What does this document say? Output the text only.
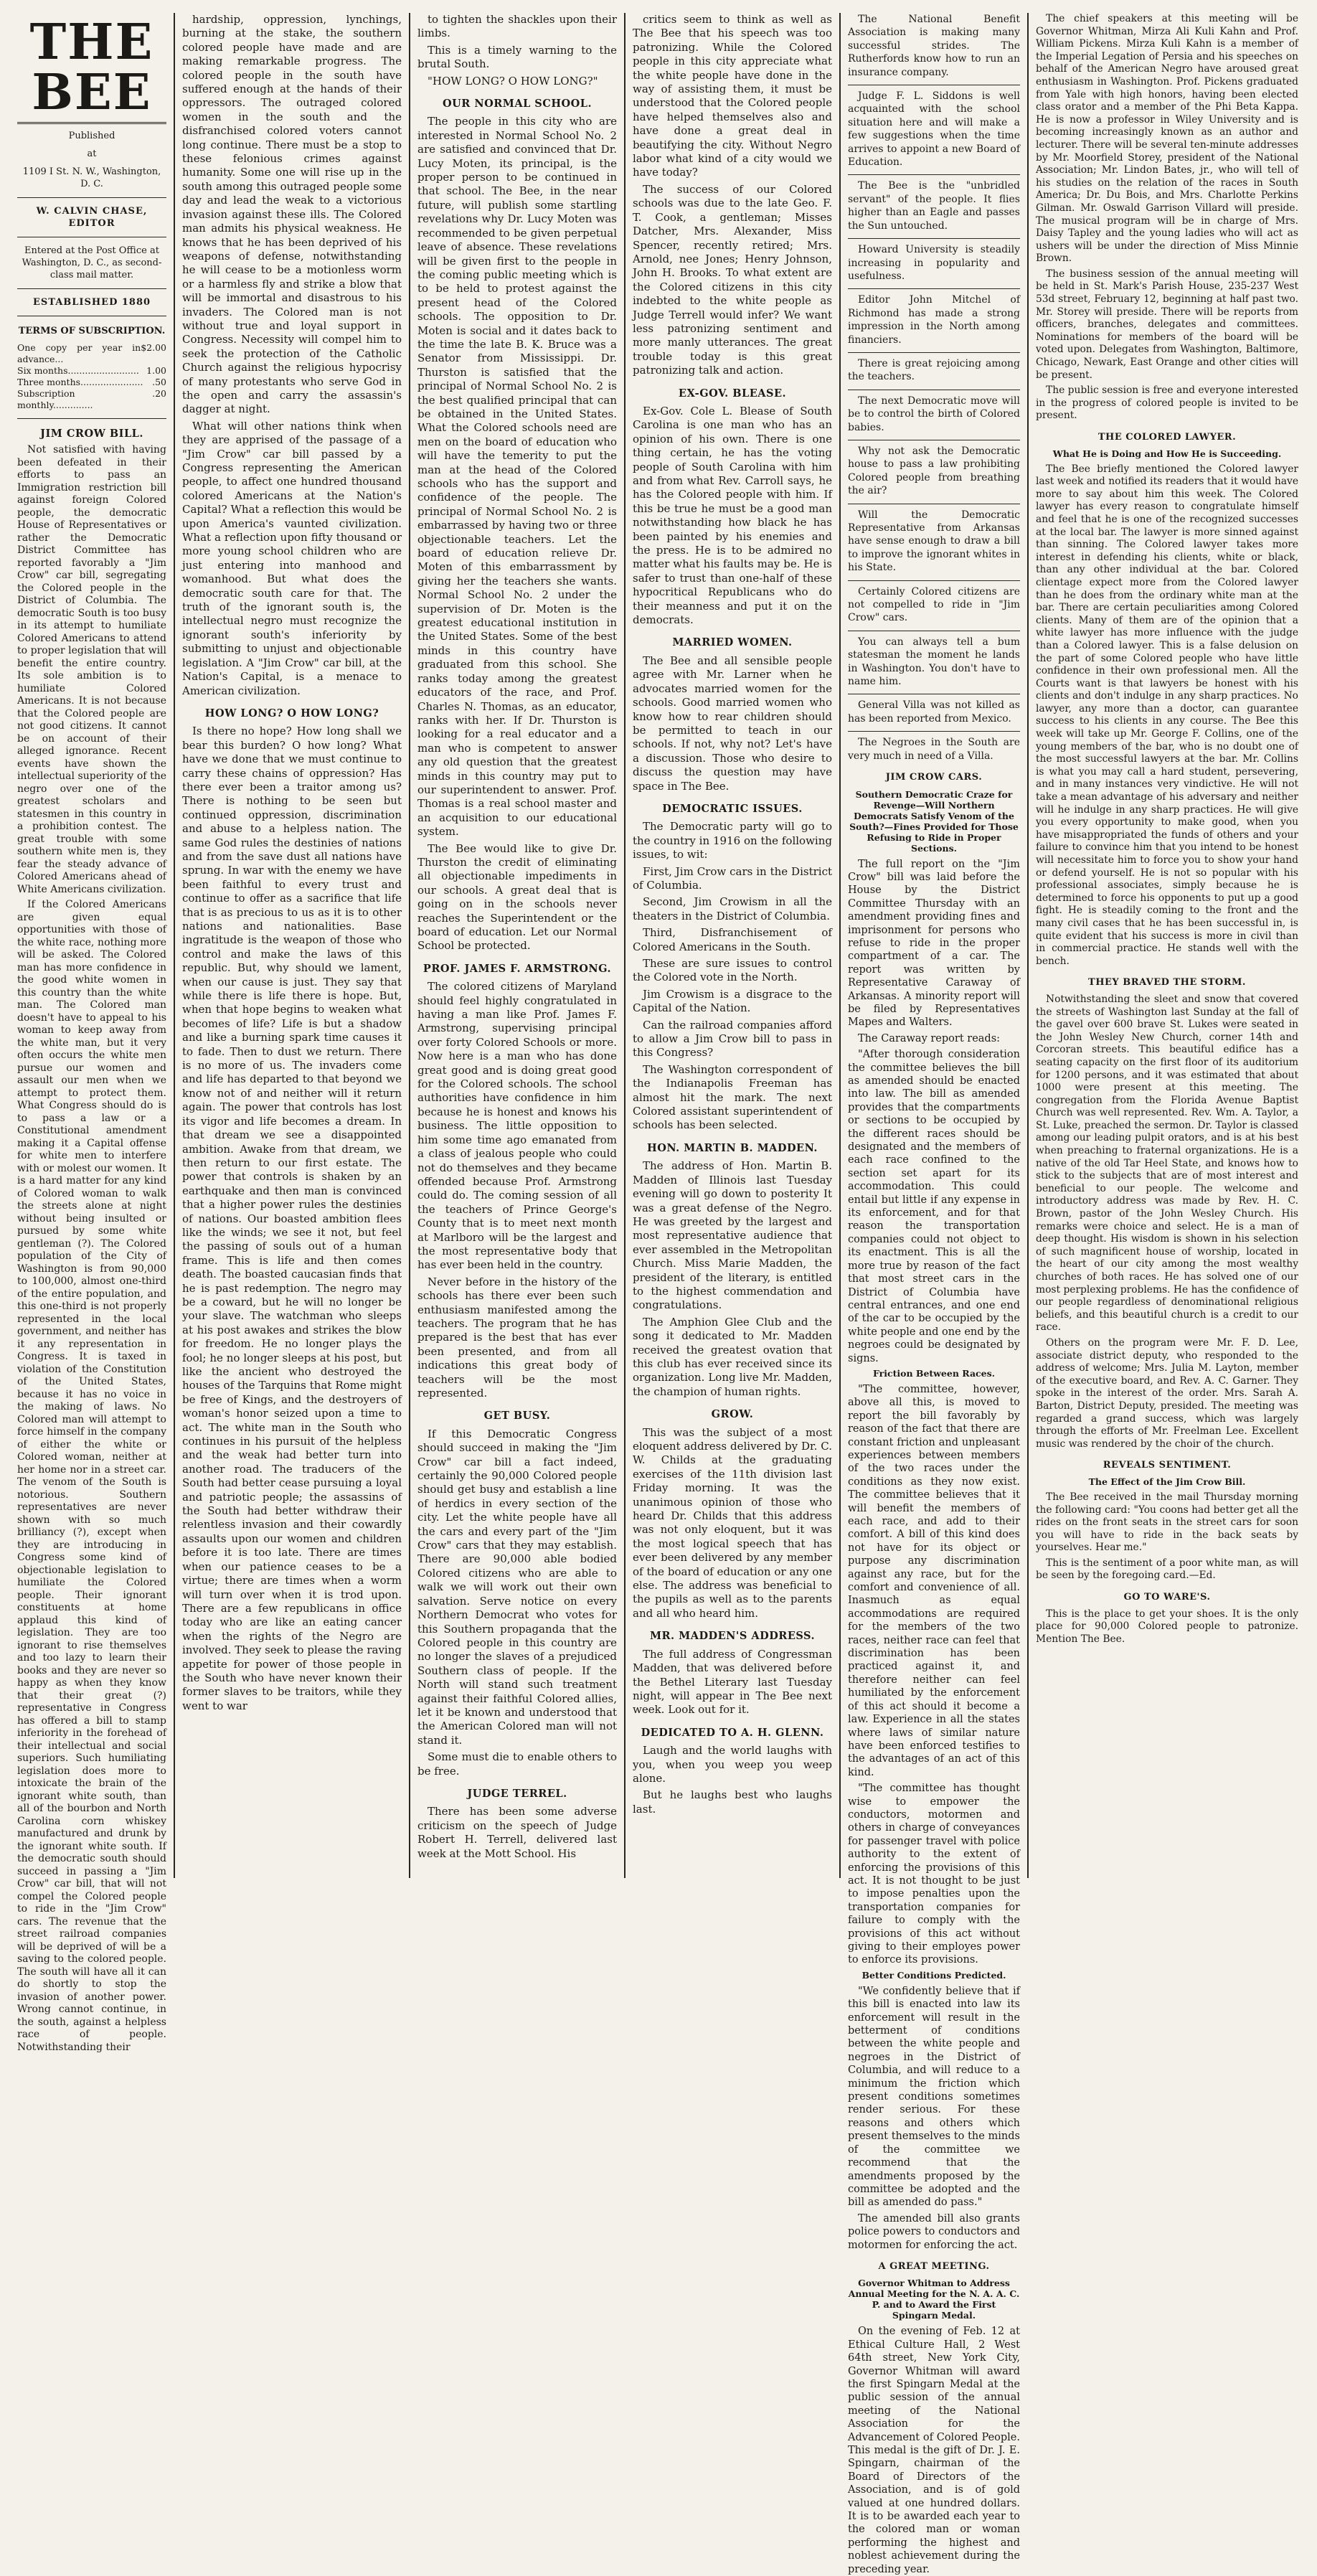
THE BEE
Published
at
1109 I St. N. W., Washington, D. C.
W. CALVIN CHASE, EDITOR
Entered at the Post Office at Washington, D. C., as second-class mail matter.
ESTABLISHED 1880
TERMS OF SUBSCRIPTION.
One copy per year in advance...
$2.00
Six months......................... 1.00
Three months...................... .50
Subscription monthly..............
.20
JIM CROW BILL.

Not satisfied with having been defeated in their efforts to pass an Immigration restriction bill against foreign Colored people, the democratic House of Representatives or rather the Democratic District Committee has reported favorably a "Jim Crow" car bill, segregating the Colored people in the District of Columbia. The democratic South is too busy in its attempt to humiliate Colored Americans to attend to proper legislation that will benefit the entire country. Its sole ambition is to humiliate Colored Americans. It is not because that the Colored people are not good citizens. It cannot be on account of their alleged ignorance. Recent events have shown the intellectual superiority of the negro over one of the greatest scholars and statesmen in this country in a prohibition contest. The great trouble with some southern white men is, they fear the steady advance of Colored Americans ahead of White Americans civilization.

If the Colored Americans are given equal opportunities with those of the white race, nothing more will be asked. The Colored man has more confidence in the good white women in this country than the white man. The Colored man doesn't have to appeal to his woman to keep away from the white man, but it very often occurs the white men pursue our women and assault our men when we attempt to protect them. What Congress should do is to pass a law or a Constitutional amendment making it a Capital offense for white men to interfere with or molest our women. It is a hard matter for any kind of Colored woman to walk the streets alone at night without being insulted or pursued by some white gentleman (?). The Colored population of the City of Washington is from 90,000 to 100,000, almost one-third of the entire population, and this one-third is not properly represented in the local government, and neither has it any representation in Congress. It is taxed in violation of the Constitution of the United States, because it has no voice in the making of laws. No Colored man will attempt to force himself in the company of either the white or Colored woman, neither at her home nor in a street car. The venom of the South is notorious. Southern representatives are never shown with so much brilliancy (?), except when they are introducing in Congress some kind of objectionable legislation to humiliate the Colored people. Their ignorant constituents at home applaud this kind of legislation. They are too ignorant to rise themselves and too lazy to learn their books and they are never so happy as when they know that their great (?) representative in Congress has offered a bill to stamp inferiority in the forehead of their intellectual and social superiors. Such humiliating legislation does more to intoxicate the brain of the ignorant white south, than all of the bourbon and North Carolina corn whiskey manufactured and drunk by the ignorant white south. If the democratic south should succeed in passing a "Jim Crow" car bill, that will not compel the Colored people to ride in the "Jim Crow" cars. The revenue that the street railroad companies will be deprived of will be a saving to the colored people. The south will have all it can do shortly to stop the invasion of another power. Wrong cannot continue, in the south, against a helpless race of people. Notwithstanding their

hardship, oppression, lynchings, burning at the stake, the southern colored people have made and are making remarkable progress. The colored people in the south have suffered enough at the hands of their oppressors. The outraged colored women in the south and the disfranchised colored voters cannot long continue. There must be a stop to these felonious crimes against humanity. Some one will rise up in the south among this outraged people some day and lead the weak to a victorious invasion against these ills. The Colored man admits his physical weakness. He knows that he has been deprived of his weapons of defense, notwithstanding he will cease to be a motionless worm or a harmless fly and strike a blow that will be immortal and disastrous to his invaders. The Colored man is not without true and loyal support in Congress. Necessity will compel him to seek the protection of the Catholic Church against the religious hypocrisy of many protestants who serve God in the open and carry the assassin's dagger at night.

What will other nations think when they are apprised of the passage of a "Jim Crow" car bill passed by a Congress representing the American people, to affect one hundred thousand colored Americans at the Nation's Capital? What a reflection this would be upon America's vaunted civilization. What a reflection upon fifty thousand or more young school children who are just entering into manhood and womanhood. But what does the democratic south care for that. The truth of the ignorant south is, the intellectual negro must recognize the ignorant south's inferiority by submitting to unjust and objectionable legislation. A "Jim Crow" car bill, at the Nation's Capital, is a menace to American civilization.

HOW LONG? O HOW LONG?

Is there no hope? How long shall we bear this burden? O how long? What have we done that we must continue to carry these chains of oppression? Has there ever been a traitor among us? There is nothing to be seen but continued oppression, discrimination and abuse to a helpless nation. The same God rules the destinies of nations and from the save dust all nations have sprung. In war with the enemy we have been faithful to every trust and continue to offer as a sacrifice that life that is as precious to us as it is to other nations and nationalities. Base ingratitude is the weapon of those who control and make the laws of this republic. But, why should we lament, when our cause is just. They say that while there is life there is hope. But, when that hope begins to weaken what becomes of life? Life is but a shadow and like a burning spark time causes it to fade. Then to dust we return. There is no more of us. The invaders come and life has departed to that beyond we know not of and neither will it return again. The power that controls has lost its vigor and life becomes a dream. In that dream we see a disappointed ambition. Awake from that dream, we then return to our first estate. The power that controls is shaken by an earthquake and then man is convinced that a higher power rules the destinies of nations. Our boasted ambition flees like the winds; we see it not, but feel the passing of souls out of a human frame. This is life and then comes death. The boasted caucasian finds that he is past redemption. The negro may be a coward, but he will no longer be your slave. The watchman who sleeps at his post awakes and strikes the blow for freedom. He no longer plays the fool; he no longer sleeps at his post, but like the ancient who destroyed the houses of the Tarquins that Rome might be free of Kings, and the destroyers of woman's honor seized upon a time to act. The white man in the South who continues in his pursuit of the helpless and the weak had better turn into another road. The traducers of the South had better cease pursuing a loyal and patriotic people; the assassins of the South had better withdraw their relentless invasion and their cowardly assaults upon our women and children before it is too late. There are times when our patience ceases to be a virtue; there are times when a worm will turn over when it is trod upon. There are a few republicans in office today who are like an eating cancer when the rights of the Negro are involved. They seek to please the raving appetite for power of those people in the South who have never known their former slaves to be traitors, while they went to war

to tighten the shackles upon their limbs.

This is a timely warning to the brutal South.

"HOW LONG? O HOW LONG?"

OUR NORMAL SCHOOL.

The people in this city who are interested in Normal School No. 2 are satisfied and convinced that Dr. Lucy Moten, its principal, is the proper person to be continued in that school. The Bee, in the near future, will publish some startling revelations why Dr. Lucy Moten was recommended to be given perpetual leave of absence. These revelations will be given first to the people in the coming public meeting which is to be held to protest against the present head of the Colored schools. The opposition to Dr. Moten is social and it dates back to the time the late B. K. Bruce was a Senator from Mississippi. Dr. Thurston is satisfied that the principal of Normal School No. 2 is the best qualified principal that can be obtained in the United States. What the Colored schools need are men on the board of education who will have the temerity to put the man at the head of the Colored schools who has the support and confidence of the people. The principal of Normal School No. 2 is embarrassed by having two or three objectionable teachers. Let the board of education relieve Dr. Moten of this embarrassment by giving her the teachers she wants. Normal School No. 2 under the supervision of Dr. Moten is the greatest educational institution in the United States. Some of the best minds in this country have graduated from this school. She ranks today among the greatest educators of the race, and Prof. Charles N. Thomas, as an educator, ranks with her. If Dr. Thurston is looking for a real educator and a man who is competent to answer any old question that the greatest minds in this country may put to our superintendent to answer. Prof. Thomas is a real school master and an acquisition to our educational system.

The Bee would like to give Dr. Thurston the credit of eliminating all objectionable impediments in our schools. A great deal that is going on in the schools never reaches the Superintendent or the board of education. Let our Normal School be protected.

PROF. JAMES F. ARMSTRONG.

The colored citizens of Maryland should feel highly congratulated in having a man like Prof. James F. Armstrong, supervising principal over forty Colored Schools or more. Now here is a man who has done great good and is doing great good for the Colored schools. The school authorities have confidence in him because he is honest and knows his business. The little opposition to him some time ago emanated from a class of jealous people who could not do themselves and they became offended because Prof. Armstrong could do. The coming session of all the teachers of Prince George's County that is to meet next month at Marlboro will be the largest and the most representative body that has ever been held in the country.

Never before in the history of the schools has there ever been such enthusiasm manifested among the teachers. The program that he has prepared is the best that has ever been presented, and from all indications this great body of teachers will be the most represented.

GET BUSY.

If this Democratic Congress should succeed in making the "Jim Crow" car bill a fact indeed, certainly the 90,000 Colored people should get busy and establish a line of herdics in every section of the city. Let the white people have all the cars and every part of the "Jim Crow" cars that they may establish. There are 90,000 able bodied Colored citizens who are able to walk we will work out their own salvation. Serve notice on every Northern Democrat who votes for this Southern propaganda that the Colored people in this country are no longer the slaves of a prejudiced Southern class of people. If the North will stand such treatment against their faithful Colored allies, let it be known and understood that the American Colored man will not stand it.

Some must die to enable others to be free.

JUDGE TERREL.

There has been some adverse criticism on the speech of Judge Robert H. Terrell, delivered last week at the Mott School. His

critics seem to think as well as The Bee that his speech was too patronizing. While the Colored people in this city appreciate what the white people have done in the way of assisting them, it must be understood that the Colored people have helped themselves also and have done a great deal in beautifying the city. Without Negro labor what kind of a city would we have today?

The success of our Colored schools was due to the late Geo. F. T. Cook, a gentleman; Misses Datcher, Mrs. Alexander, Miss Spencer, recently retired; Mrs. Arnold, nee Jones; Henry Johnson, John H. Brooks. To what extent are the Colored citizens in this city indebted to the white people as Judge Terrell would infer? We want less patronizing sentiment and more manly utterances. The great trouble today is this great patronizing talk and action.

EX-GOV. BLEASE.

Ex-Gov. Cole L. Blease of South Carolina is one man who has an opinion of his own. There is one thing certain, he has the voting people of South Carolina with him and from what Rev. Carroll says, he has the Colored people with him. If this be true he must be a good man notwithstanding how black he has been painted by his enemies and the press. He is to be admired no matter what his faults may be. He is safer to trust than one-half of these hypocritical Republicans who do their meanness and put it on the democrats.

MARRIED WOMEN.

The Bee and all sensible people agree with Mr. Larner when he advocates married women for the schools. Good married women who know how to rear children should be permitted to teach in our schools. If not, why not? Let's have a discussion. Those who desire to discuss the question may have space in The Bee.

DEMOCRATIC ISSUES.

The Democratic party will go to the country in 1916 on the following issues, to wit:

First, Jim Crow cars in the District of Columbia.

Second, Jim Crowism in all the theaters in the District of Columbia.

Third, Disfranchisement of Colored Americans in the South.

These are sure issues to control the Colored vote in the North.

Jim Crowism is a disgrace to the Capital of the Nation.

Can the railroad companies afford to allow a Jim Crow bill to pass in this Congress?

The Washington correspondent of the Indianapolis Freeman has almost hit the mark. The next Colored assistant superintendent of schools has been selected.

HON. MARTIN B. MADDEN.

The address of Hon. Martin B. Madden of Illinois last Tuesday evening will go down to posterity It was a great defense of the Negro. He was greeted by the largest and most representative audience that ever assembled in the Metropolitan Church. Miss Marie Madden, the president of the literary, is entitled to the highest commendation and congratulations.

The Amphion Glee Club and the song it dedicated to Mr. Madden received the greatest ovation that this club has ever received since its organization. Long live Mr. Madden, the champion of human rights.

GROW.

This was the subject of a most eloquent address delivered by Dr. C. W. Childs at the graduating exercises of the 11th division last Friday morning. It was the unanimous opinion of those who heard Dr. Childs that this address was not only eloquent, but it was the most logical speech that has ever been delivered by any member of the board of education or any one else. The address was beneficial to the pupils as well as to the parents and all who heard him.

MR. MADDEN'S ADDRESS.

The full address of Congressman Madden, that was delivered before the Bethel Literary last Tuesday night, will appear in The Bee next week. Look out for it.

DEDICATED TO A. H. GLENN.

Laugh and the world laughs with you, when you weep you weep alone.

But he laughs best who laughs last.

The National Benefit Association is making many successful strides. The Rutherfords know how to run an insurance company.

Judge F. L. Siddons is well acquainted with the school situation here and will make a few suggestions when the time arrives to appoint a new Board of Education.

The Bee is the "unbridled servant" of the people. It flies higher than an Eagle and passes the Sun untouched.

Howard University is steadily increasing in popularity and usefulness.

Editor John Mitchel of Richmond has made a strong impression in the North among financiers.

There is great rejoicing among the teachers.

The next Democratic move will be to control the birth of Colored babies.

Why not ask the Democratic house to pass a law prohibiting Colored people from breathing the air?

Will the Democratic Representative from Arkansas have sense enough to draw a bill to improve the ignorant whites in his State.

Certainly Colored citizens are not compelled to ride in "Jim Crow" cars.

You can always tell a bum statesman the moment he lands in Washington. You don't have to name him.

General Villa was not killed as has been reported from Mexico.

The Negroes in the South are very much in need of a Villa.

JIM CROW CARS.
Southern Democratic Craze for Revenge—Will Northern Democrats Satisfy Venom of the South?—Fines Provided for Those Refusing to Ride in Proper Sections.

The full report on the "Jim Crow" bill was laid before the House by the District Committee Thursday with an amendment providing fines and imprisonment for persons who refuse to ride in the proper compartment of a car. The report was written by Representative Caraway of Arkansas. A minority report will be filed by Representatives Mapes and Walters.

The Caraway report reads:

"After thorough consideration the committee believes the bill as amended should be enacted into law. The bill as amended provides that the compartments or sections to be occupied by the different races should be designated and the members of each race confined to the section set apart for its accommodation. This could entail but little if any expense in its enforcement, and for that reason the transportation companies could not object to its enactment. This is all the more true by reason of the fact that most street cars in the District of Columbia have central entrances, and one end of the car to be occupied by the white people and one end by the negroes could be designated by signs.

Friction Between Races.

"The committee, however, above all this, is moved to report the bill favorably by reason of the fact that there are constant friction and unpleasant experiences between members of the two races under the conditions as they now exist. The committee believes that it will benefit the members of each race, and add to their comfort. A bill of this kind does not have for its object or purpose any discrimination against any race, but for the comfort and convenience of all. Inasmuch as equal accommodations are required for the members of the two races, neither race can feel that discrimination has been practiced against it, and therefore neither can feel humiliated by the enforcement of this act should it become a law. Experience in all the states where laws of similar nature have been enforced testifies to the advantages of an act of this kind.

"The committee has thought wise to empower the conductors, motormen and others in charge of conveyances for passenger travel with police authority to the extent of enforcing the provisions of this act. It is not thought to be just to impose penalties upon the transportation companies for failure to comply with the provisions of this act without giving to their employes power to enforce its provisions.

Better Conditions Predicted.

"We confidently believe that if this bill is enacted into law its enforcement will result in the betterment of conditions between the white people and negroes in the District of Columbia, and will reduce to a minimum the friction which present conditions sometimes render serious. For these reasons and others which present themselves to the minds of the committee we recommend that the amendments proposed by the committee be adopted and the bill as amended do pass."

The amended bill also grants police powers to conductors and motormen for enforcing the act.

A GREAT MEETING.
Governor Whitman to Address Annual Meeting for the N. A. A. C. P. and to Award the First Spingarn Medal.

On the evening of Feb. 12 at Ethical Culture Hall, 2 West 64th street, New York City, Governor Whitman will award the first Spingarn Medal at the public session of the annual meeting of the National Association for the Advancement of Colored People. This medal is the gift of Dr. J. E. Spingarn, chairman of the Board of Directors of the Association, and is of gold valued at one hundred dollars. It is to be awarded each year to the colored man or woman performing the highest and noblest achievement during the preceding year.

The chief speakers at this meeting will be Governor Whitman, Mirza Ali Kuli Kahn and Prof. William Pickens. Mirza Kuli Kahn is a member of the Imperial Legation of Persia and his speeches on behalf of the American Negro have aroused great enthusiasm in Washington. Prof. Pickens graduated from Yale with high honors, having been elected class orator and a member of the Phi Beta Kappa. He is now a professor in Wiley University and is becoming increasingly known as an author and lecturer. There will be several ten-minute addresses by Mr. Moorfield Storey, president of the National Association; Mr. Lindon Bates, jr., who will tell of his studies on the relation of the races in South America; Dr. Du Bois, and Mrs. Charlotte Perkins Gilman. Mr. Oswald Garrison Villard will preside. The musical program will be in charge of Mrs. Daisy Tapley and the young ladies who will act as ushers will be under the direction of Miss Minnie Brown.

The business session of the annual meeting will be held in St. Mark's Parish House, 235-237 West 53d street, February 12, beginning at half past two. Mr. Storey will preside. There will be reports from officers, branches, delegates and committees. Nominations for members of the board will be voted upon. Delegates from Washington, Baltimore, Chicago, Newark, East Orange and other cities will be present.

The public session is free and everyone interested in the progress of colored people is invited to be present.

THE COLORED LAWYER.
What He is Doing and How He is Succeeding.

The Bee briefly mentioned the Colored lawyer last week and notified its readers that it would have more to say about him this week. The Colored lawyer has every reason to congratulate himself and feel that he is one of the recognized successes at the local bar. The lawyer is more sinned against than sinning. The Colored lawyer takes more interest in defending his clients, white or black, than any other individual at the bar. Colored clientage expect more from the Colored lawyer than he does from the ordinary white man at the bar. There are certain peculiarities among Colored clients. Many of them are of the opinion that a white lawyer has more influence with the judge than a Colored lawyer. This is a false delusion on the part of some Colored people who have little confidence in their own professional men. All the Courts want is that lawyers be honest with his clients and don't indulge in any sharp practices. No lawyer, any more than a doctor, can guarantee success to his clients in any course. The Bee this week will take up Mr. George F. Collins, one of the young members of the bar, who is no doubt one of the most successful lawyers at the bar. Mr. Collins is what you may call a hard student, persevering, and in many instances very vindictive. He will not take a mean advantage of his adversary and neither will he indulge in any sharp practices. He will give you every opportunity to make good, when you have misappropriated the funds of others and your failure to convince him that you intend to be honest will necessitate him to force you to show your hand or defend yourself. He is not so popular with his professional associates, simply because he is determined to force his opponents to put up a good fight. He is steadily coming to the front and the many civil cases that he has been successful in, is quite evident that his success is more in civil than in commercial practice. He stands well with the bench.

THEY BRAVED THE STORM.

Notwithstanding the sleet and snow that covered the streets of Washington last Sunday at the fall of the gavel over 600 brave St. Lukes were seated in the John Wesley New Church, corner 14th and Corcoran streets. This beautiful edifice has a seating capacity on the first floor of its auditorium for 1200 persons, and it was estimated that about 1000 were present at this meeting. The congregation from the Florida Avenue Baptist Church was well represented. Rev. Wm. A. Taylor, a St. Luke, preached the sermon. Dr. Taylor is classed among our leading pulpit orators, and is at his best when preaching to fraternal organizations. He is a native of the old Tar Heel State, and knows how to stick to the subjects that are of most interest and beneficial to our people. The welcome and introductory address was made by Rev. H. C. Brown, pastor of the John Wesley Church. His remarks were choice and select. He is a man of deep thought. His wisdom is shown in his selection of such magnificent house of worship, located in the heart of our city among the most wealthy churches of both races. He has solved one of our most perplexing problems. He has the confidence of our people regardless of denominational religious beliefs, and this beautiful church is a credit to our race.

Others on the program were Mr. F. D. Lee, associate district deputy, who responded to the address of welcome; Mrs. Julia M. Layton, member of the executive board, and Rev. A. C. Garner. They spoke in the interest of the order. Mrs. Sarah A. Barton, District Deputy, presided. The meeting was regarded a grand success, which was largely through the efforts of Mr. Freelman Lee. Excellent music was rendered by the choir of the church.

REVEALS SENTIMENT.
The Effect of the Jim Crow Bill.

The Bee received in the mail Thursday morning the following card: "You coons had better get all the rides on the front seats in the street cars for soon you will have to ride in the back seats by yourselves. Hear me."

This is the sentiment of a poor white man, as will be seen by the foregoing card.—Ed.

GO TO WARE'S.

This is the place to get your shoes. It is the only place for 90,000 Colored people to patronize. Mention The Bee.
